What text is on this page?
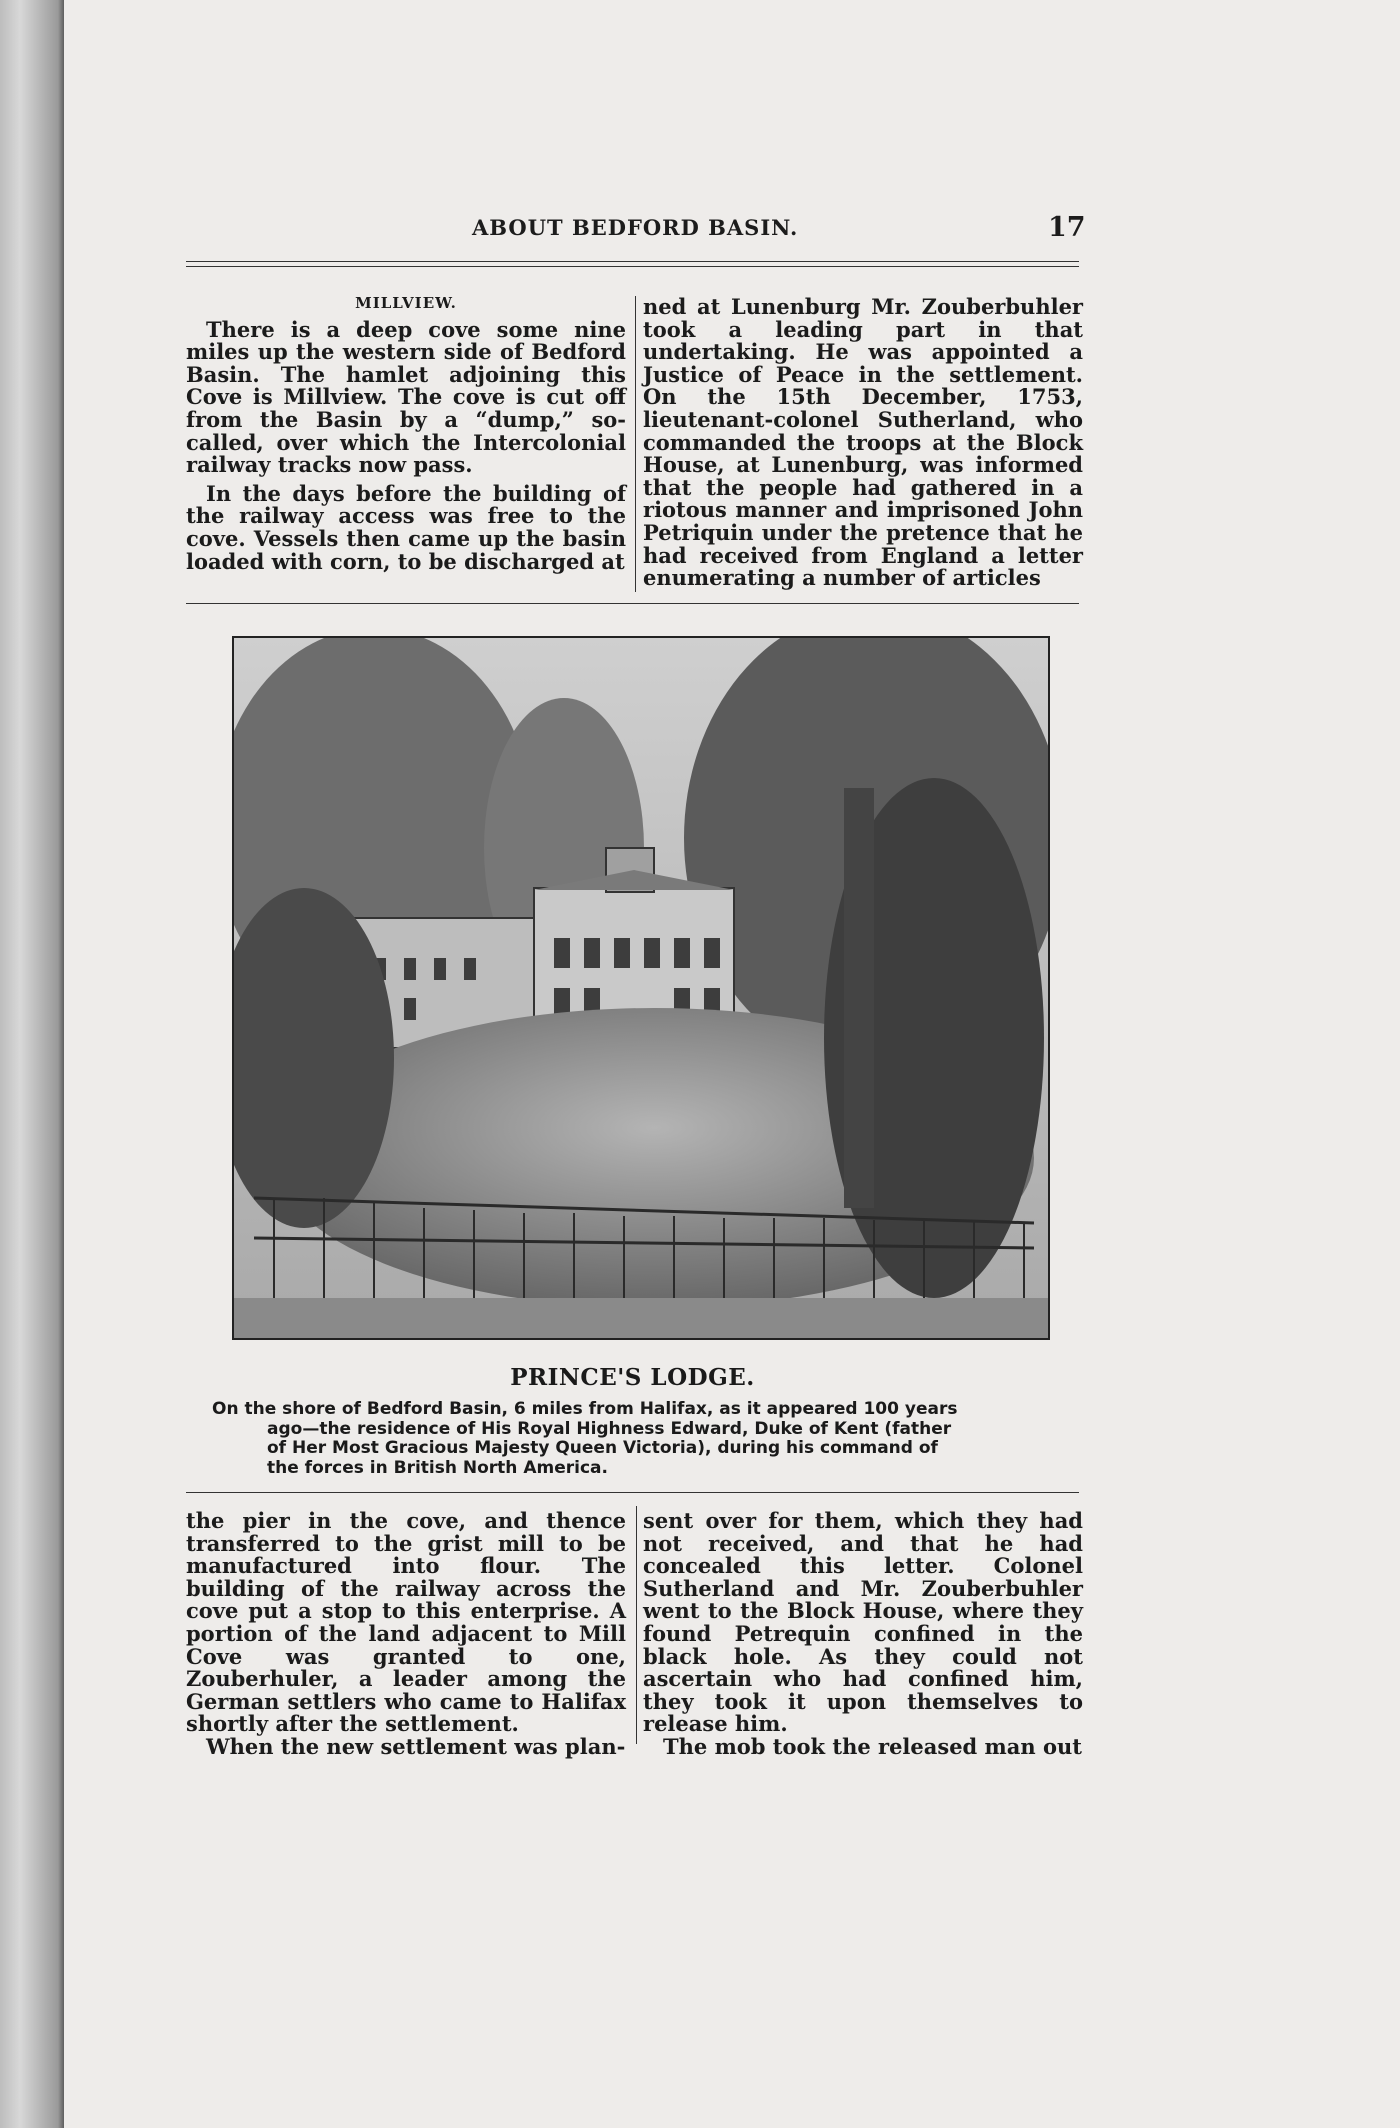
ABOUT BEDFORD BASIN.	17
MILLVIEW.

There is a deep cove some nine miles up the western side of Bedford Basin. The hamlet adjoining this Cove is Millview. The cove is cut off from the Basin by a “dump,” so-called, over which the Intercolonial railway tracks now pass.

In the days before the building of the railway access was free to the cove. Vessels then came up the basin loaded with corn, to be discharged at

ned at Lunenburg Mr. Zouberbuhler took a leading part in that undertaking. He was appointed a Justice of Peace in the settlement. On the 15th December, 1753, lieutenant-colonel Sutherland, who commanded the troops at the Block House, at Lunenburg, was informed that the people had gathered in a riotous manner and imprisoned John Petriquin under the pretence that he had received from England a letter enumerating a number of articles

PRINCE'S LODGE.
On the shore of Bedford Basin, 6 miles from Halifax, as it appeared 100 years
ago—the residence of His Royal Highness Edward, Duke of Kent (father
of Her Most Gracious Majesty Queen Victoria), during his command of
the forces in British North America.

the pier in the cove, and thence transferred to the grist mill to be manufactured into flour. The building of the railway across the cove put a stop to this enterprise. A portion of the land adjacent to Mill Cove was granted to one, Zouberhuler, a leader among the German settlers who came to Halifax shortly after the settlement.

When the new settlement was plan-

sent over for them, which they had not received, and that he had concealed this letter. Colonel Sutherland and Mr. Zouberbuhler went to the Block House, where they found Petrequin confined in the black hole. As they could not ascertain who had confined him, they took it upon themselves to release him.

The mob took the released man out
